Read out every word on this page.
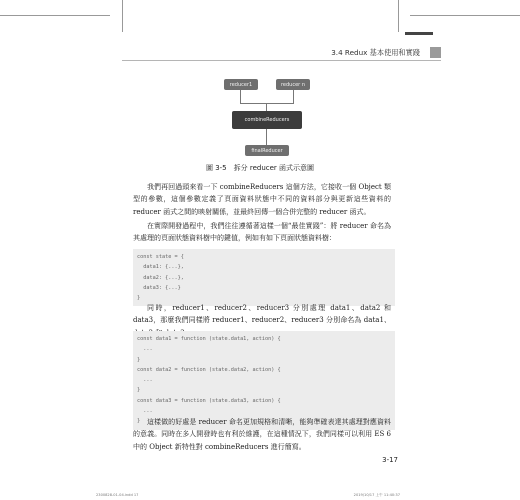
3.4 Redux 基本使用和實踐
reducer1	reducer n
combineReducers
finalReducer
圖 3-5　拆分 reducer 函式示意圖

我們再回過頭來看一下 combineReducers 這個方法，它接收一個 Object 類型的參數，這個參數定義了頁面資料狀態中不同的資料部分與更新這些資料的 reducer 函式之間的映射關係，並最終回傳一個合併完整的 reducer 函式。

在實際開發過程中，我們往往遵循著這樣一個“最佳實踐”：將 reducer 命名為其處理的頁面狀態資料樹中的鍵值，例如有如下頁面狀態資料樹：

const state = {
data1: {...},
data2: {...},
data3: {...}
}

同時，reducer1、reducer2、reducer3 分別處理 data1、data2 和 data3，那麼我們同樣將 reducer1、reducer2、reducer3 分別命名為 data1、

const data1 = function (state.data1, action) {
...
}
const data2 = function (state.data2, action) {
...
}
const data3 = function (state.data3, action) {
...
} 這樣做的好處是 reducer 命名更加規格和清晰，能夠準確表達其處理對應資料的意義。同時在多人開發時也有利於維護，在這種情況下，我們同樣可以利用 ES 6 中的 Object 新特性對 combineReducers 進行簡寫。

3-17
2300828-01-04.indd 17	2019/10/17 上午 11:40:37
